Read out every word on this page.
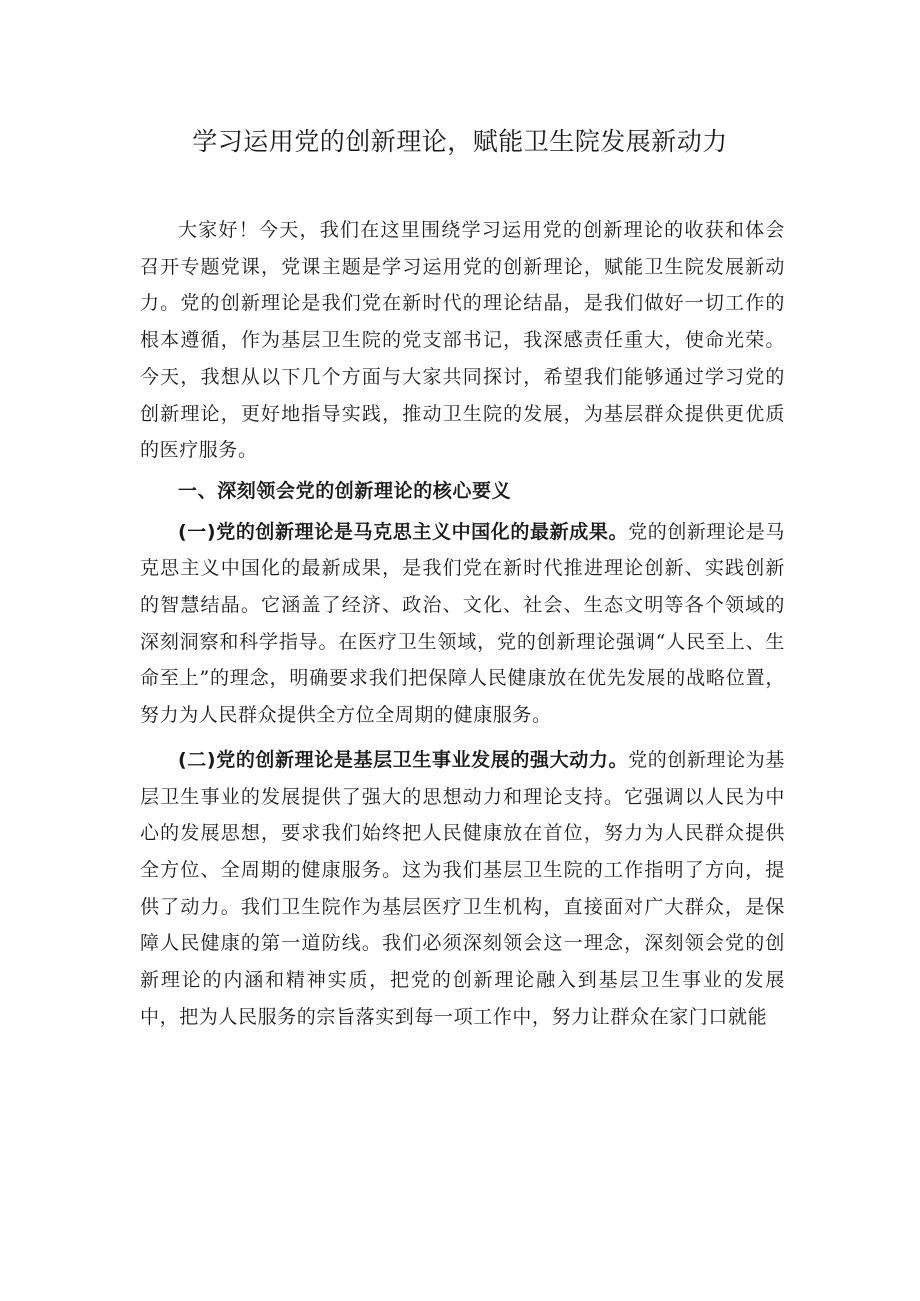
学习运用党的创新理论，赋能卫生院发展新动力

大家好！今天，我们在这里围绕学习运用党的创新理论的收获和体会召开专题党课，党课主题是学习运用党的创新理论，赋能卫生院发展新动力。党的创新理论是我们党在新时代的理论结晶，是我们做好一切工作的根本遵循，作为基层卫生院的党支部书记，我深感责任重大，使命光荣。今天，我想从以下几个方面与大家共同探讨，希望我们能够通过学习党的创新理论，更好地指导实践，推动卫生院的发展，为基层群众提供更优质的医疗服务。

一、深刻领会党的创新理论的核心要义

(一)党的创新理论是马克思主义中国化的最新成果。党的创新理论是马克思主义中国化的最新成果，是我们党在新时代推进理论创新、实践创新的智慧结晶。它涵盖了经济、政治、文化、社会、生态文明等各个领域的深刻洞察和科学指导。在医疗卫生领域，党的创新理论强调“人民至上、生命至上”的理念，明确要求我们把保障人民健康放在优先发展的战略位置，努力为人民群众提供全方位全周期的健康服务。

(二)党的创新理论是基层卫生事业发展的强大动力。党的创新理论为基层卫生事业的发展提供了强大的思想动力和理论支持。它强调以人民为中心的发展思想，要求我们始终把人民健康放在首位，努力为人民群众提供全方位、全周期的健康服务。这为我们基层卫生院的工作指明了方向，提供了动力。我们卫生院作为基层医疗卫生机构，直接面对广大群众，是保障人民健康的第一道防线。我们必须深刻领会这一理念，深刻领会党的创新理论的内涵和精神实质，把党的创新理论融入到基层卫生事业的发展中，把为人民服务的宗旨落实到每一项工作中，努力让群众在家门口就能
